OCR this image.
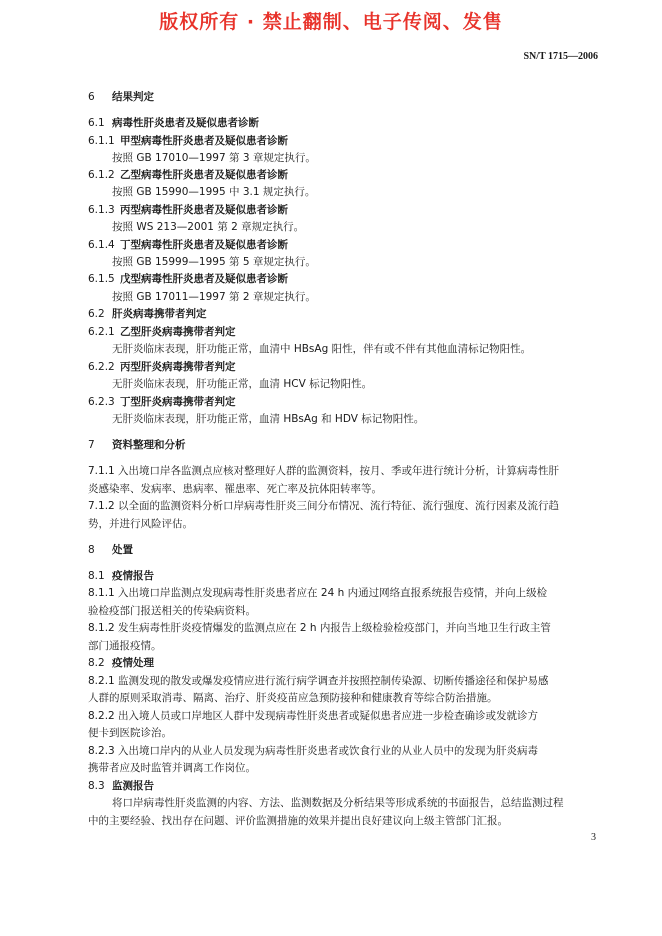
版权所有 · 禁止翻制、电子传阅、发售
SN/T 1715—2006
6 结果判定
6.1 病毒性肝炎患者及疑似患者诊断
6.1.1 甲型病毒性肝炎患者及疑似患者诊断
按照 GB 17010—1997 第 3 章规定执行。
6.1.2 乙型病毒性肝炎患者及疑似患者诊断
按照 GB 15990—1995 中 3.1 规定执行。
6.1.3 丙型病毒性肝炎患者及疑似患者诊断
按照 WS 213—2001 第 2 章规定执行。
6.1.4 丁型病毒性肝炎患者及疑似患者诊断
按照 GB 15999—1995 第 5 章规定执行。
6.1.5 戊型病毒性肝炎患者及疑似患者诊断
按照 GB 17011—1997 第 2 章规定执行。
6.2 肝炎病毒携带者判定
6.2.1 乙型肝炎病毒携带者判定
无肝炎临床表现，肝功能正常，血清中 HBsAg 阳性，伴有或不伴有其他血清标记物阳性。
6.2.2 丙型肝炎病毒携带者判定
无肝炎临床表现，肝功能正常，血清 HCV 标记物阳性。
6.2.3 丁型肝炎病毒携带者判定
无肝炎临床表现，肝功能正常，血清 HBsAg 和 HDV 标记物阳性。
7 资料整理和分析
7.1.1 入出境口岸各监测点应核对整理好人群的监测资料，按月、季或年进行统计分析，计算病毒性肝
炎感染率、发病率、患病率、罹患率、死亡率及抗体阳转率等。
7.1.2 以全面的监测资料分析口岸病毒性肝炎三间分布情况、流行特征、流行强度、流行因素及流行趋
势，并进行风险评估。
8 处置
8.1 疫情报告
8.1.1 入出境口岸监测点发现病毒性肝炎患者应在 24 h 内通过网络直报系统报告疫情，并向上级检
验检疫部门报送相关的传染病资料。
8.1.2 发生病毒性肝炎疫情爆发的监测点应在 2 h 内报告上级检验检疫部门，并向当地卫生行政主管
部门通报疫情。
8.2 疫情处理
8.2.1 监测发现的散发或爆发疫情应进行流行病学调查并按照控制传染源、切断传播途径和保护易感
人群的原则采取消毒、隔离、治疗、肝炎疫苗应急预防接种和健康教育等综合防治措施。
8.2.2 出入境人员或口岸地区人群中发现病毒性肝炎患者或疑似患者应进一步检查确诊或发就诊方
便卡到医院诊治。
8.2.3 入出境口岸内的从业人员发现为病毒性肝炎患者或饮食行业的从业人员中的发现为肝炎病毒
携带者应及时监管并调离工作岗位。
8.3 监测报告
将口岸病毒性肝炎监测的内容、方法、监测数据及分析结果等形成系统的书面报告，总结监测过程
中的主要经验、找出存在问题、评价监测措施的效果并提出良好建议向上级主管部门汇报。
3
